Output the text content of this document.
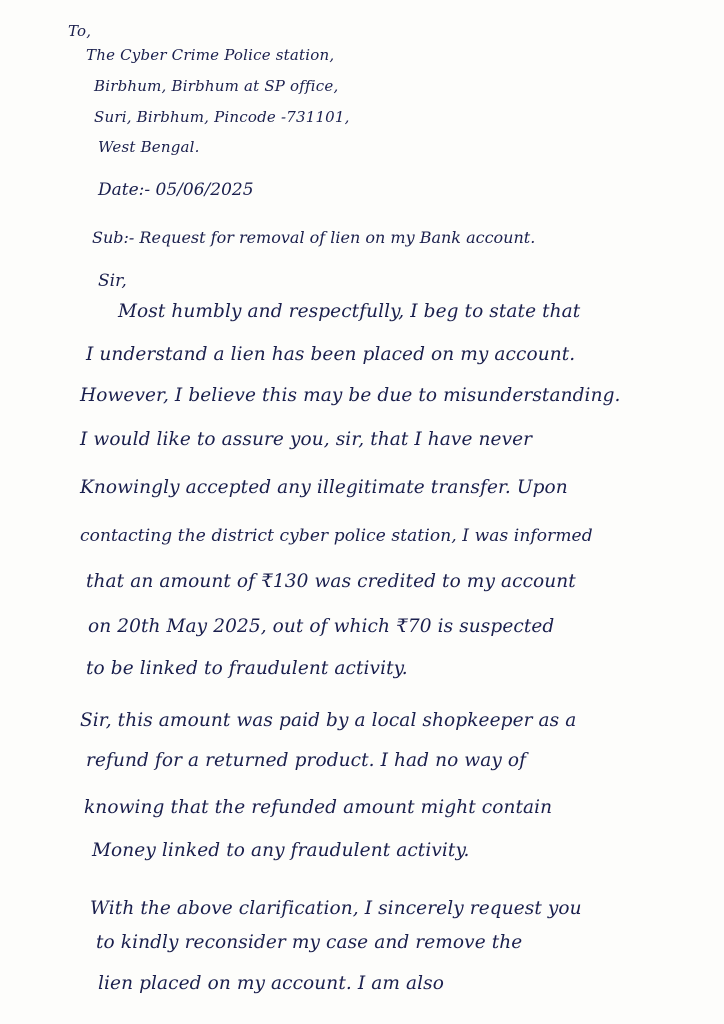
To,
The Cyber Crime Police station,
Birbhum, Birbhum at SP office,
Suri, Birbhum, Pincode -731101,
West Bengal.
Date:- 05/06/2025
Sub:- Request for removal of lien on my Bank account.
Sir,
Most humbly and respectfully, I beg to state that
I understand a lien has been placed on my account.
However, I believe this may be due to misunderstanding.
I would like to assure you, sir, that I have never
Knowingly accepted any illegitimate transfer. Upon
contacting the district cyber police station, I was informed
that an amount of ₹130 was credited to my account
on 20th May 2025, out of which ₹70 is suspected
to be linked to fraudulent activity.
Sir, this amount was paid by a local shopkeeper as a
refund for a returned product. I had no way of
knowing that the refunded amount might contain
Money linked to any fraudulent activity.
With the above clarification, I sincerely request you
to kindly reconsider my case and remove the
lien placed on my account. I am also
